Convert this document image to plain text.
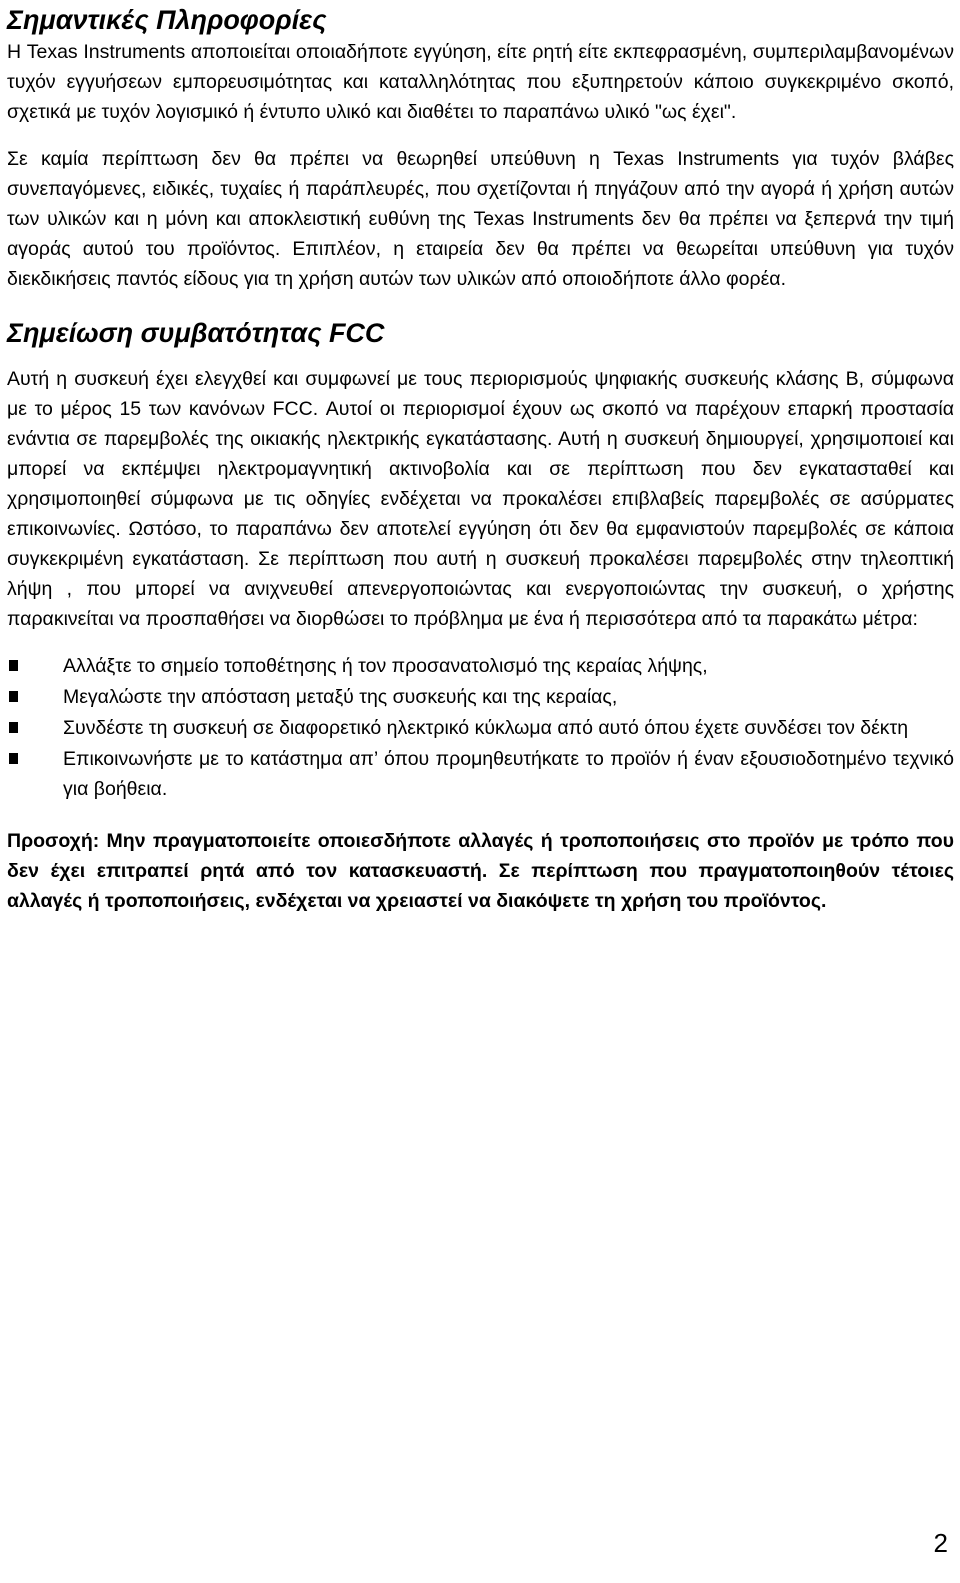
Σημαντικές Πληροφορίες

Η Texas Instruments αποποιείται οποιαδήποτε εγγύηση, είτε ρητή είτε εκπεφρασμένη, συμπεριλαμβανομένων τυχόν εγγυήσεων εμπορευσιμότητας και καταλληλότητας που εξυπηρετούν κάποιο συγκεκριμένο σκοπό, σχετικά με τυχόν λογισμικό ή έντυπο υλικό και διαθέτει το παραπάνω υλικό "ως έχει".

Σε καμία περίπτωση δεν θα πρέπει να θεωρηθεί υπεύθυνη η Texas Instruments για τυχόν βλάβες συνεπαγόμενες, ειδικές, τυχαίες ή παράπλευρές, που σχετίζονται ή πηγάζουν από την αγορά ή χρήση αυτών των υλικών και η μόνη και αποκλειστική ευθύνη της Texas Instruments δεν θα πρέπει να ξεπερνά την τιμή αγοράς αυτού του προϊόντος. Επιπλέον, η εταιρεία δεν θα πρέπει να θεωρείται υπεύθυνη για τυχόν διεκδικήσεις παντός είδους για τη χρήση αυτών των υλικών από οποιοδήποτε άλλο φορέα.

Σημείωση συμβατότητας FCC

Αυτή η συσκευή έχει ελεγχθεί και συμφωνεί με τους περιορισμούς ψηφιακής συσκευής κλάσης B, σύμφωνα με το μέρος 15 των κανόνων FCC. Αυτοί οι περιορισμοί έχουν ως σκοπό να παρέχουν επαρκή προστασία ενάντια σε παρεμβολές της οικιακής ηλεκτρικής εγκατάστασης. Αυτή η συσκευή δημιουργεί, χρησιμοποιεί και μπορεί να εκπέμψει ηλεκτρομαγνητική ακτινοβολία και σε περίπτωση που δεν εγκατασταθεί και χρησιμοποιηθεί σύμφωνα με τις οδηγίες ενδέχεται να προκαλέσει επιβλαβείς παρεμβολές σε ασύρματες επικοινωνίες. Ωστόσο, το παραπάνω δεν αποτελεί εγγύηση ότι δεν θα εμφανιστούν παρεμβολές σε κάποια συγκεκριμένη εγκατάσταση. Σε περίπτωση που αυτή η συσκευή προκαλέσει παρεμβολές στην τηλεοπτική λήψη , που μπορεί να ανιχνευθεί απενεργοποιώντας και ενεργοποιώντας την συσκευή, ο χρήστης παρακινείται να προσπαθήσει να διορθώσει το πρόβλημα με ένα ή περισσότερα από τα παρακάτω μέτρα:

Αλλάξτε το σημείο τοποθέτησης ή τον προσανατολισμό της κεραίας λήψης,
Μεγαλώστε την απόσταση μεταξύ της συσκευής και της κεραίας,
Συνδέστε τη συσκευή σε διαφορετικό ηλεκτρικό κύκλωμα από αυτό όπου έχετε συνδέσει τον δέκτη
Επικοινωνήστε με το κατάστημα απ’ όπου προμηθευτήκατε το προϊόν ή έναν εξουσιοδοτημένο τεχνικό για βοήθεια.

Προσοχή: Μην πραγματοποιείτε οποιεσδήποτε αλλαγές ή τροποποιήσεις στο προϊόν με τρόπο που δεν έχει επιτραπεί ρητά από τον κατασκευαστή. Σε περίπτωση που πραγματοποιηθούν τέτοιες αλλαγές ή τροποποιήσεις, ενδέχεται να χρειαστεί να διακόψετε τη χρήση του προϊόντος.

2
